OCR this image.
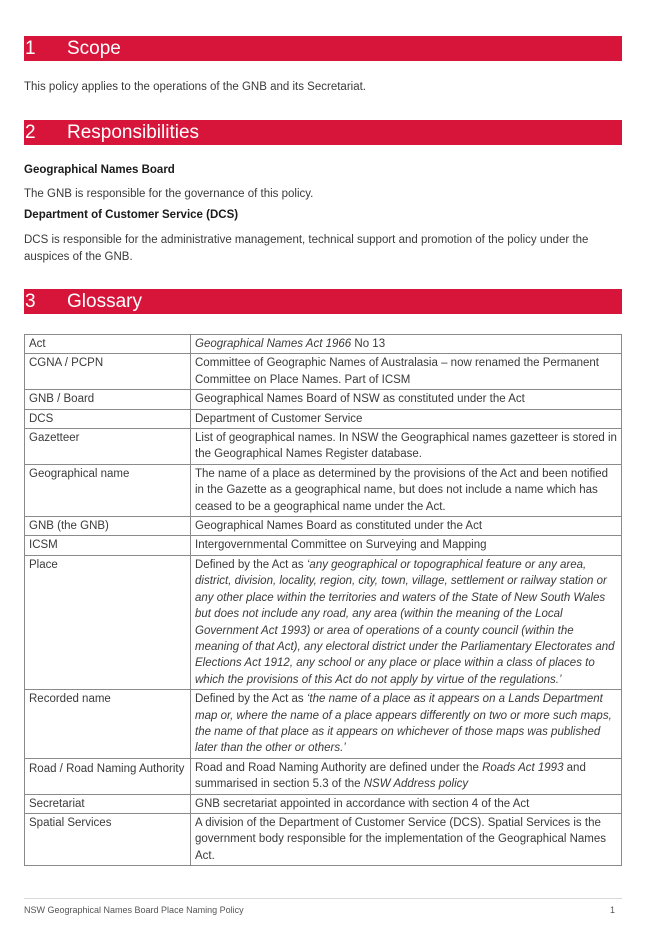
1	Scope

This policy applies to the operations of the GNB and its Secretariat.

2	Responsibilities

Geographical Names Board

The GNB is responsible for the governance of this policy.

Department of Customer Service (DCS)

DCS is responsible for the administrative management, technical support and promotion of the policy under the auspices of the GNB.

3	Glossary
Act	Geographical Names Act 1966 No 13
CGNA / PCPN	Committee of Geographic Names of Australasia – now renamed the Permanent Committee on Place Names. Part of ICSM
GNB / Board	Geographical Names Board of NSW as constituted under the Act
DCS	Department of Customer Service
Gazetteer	List of geographical names. In NSW the Geographical names gazetteer is stored in the Geographical Names Register database.
Geographical name	The name of a place as determined by the provisions of the Act and been notified in the Gazette as a geographical name, but does not include a name which has ceased to be a geographical name under the Act.
GNB (the GNB)	Geographical Names Board as constituted under the Act
ICSM	Intergovernmental Committee on Surveying and Mapping
Place	Defined by the Act as ‘any geographical or topographical feature or any area, district, division, locality, region, city, town, village, settlement or railway station or any other place within the territories and waters of the State of New South Wales but does not include any road, any area (within the meaning of the Local Government Act 1993) or area of operations of a county council (within the meaning of that Act), any electoral district under the Parliamentary Electorates and Elections Act 1912, any school or any place or place within a class of places to which the provisions of this Act do not apply by virtue of the regulations.’
Recorded name	Defined by the Act as ‘the name of a place as it appears on a Lands Department map or, where the name of a place appears differently on two or more such maps, the name of that place as it appears on whichever of those maps was published later than the other or others.’
Road / Road Naming Authority	Road and Road Naming Authority are defined under the Roads Act 1993 and summarised in section 5.3 of the NSW Address policy
Secretariat	GNB secretariat appointed in accordance with section 4 of the Act
Spatial Services	A division of the Department of Customer Service (DCS). Spatial Services is the government body responsible for the implementation of the Geographical Names Act.
NSW Geographical Names Board Place Naming Policy	1
